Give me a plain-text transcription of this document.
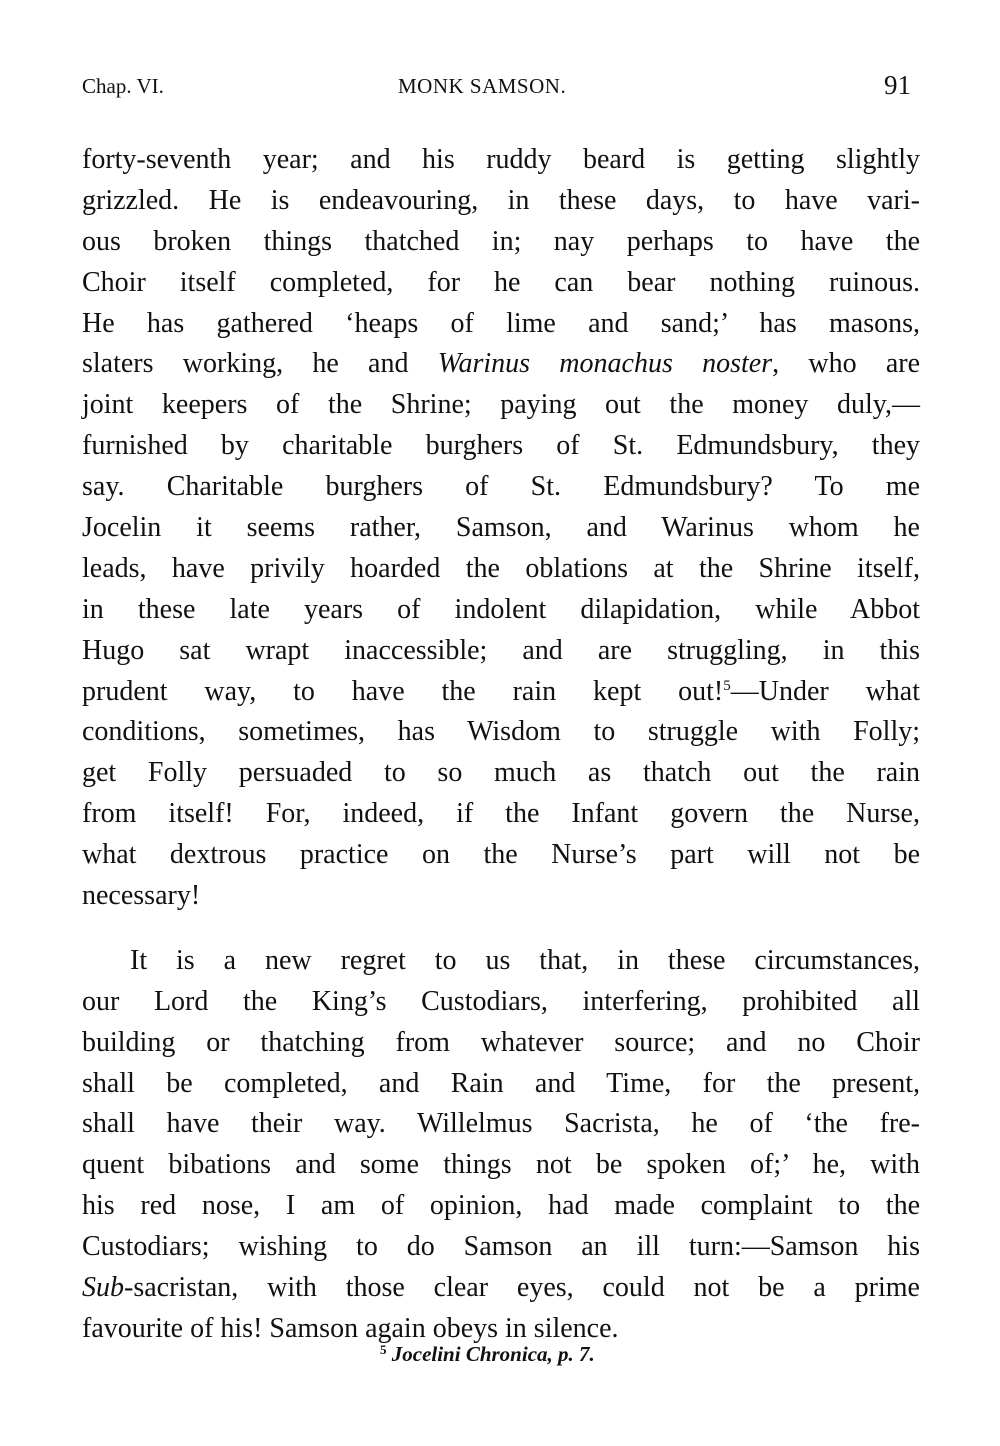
Chap. VI.	MONK SAMSON.	91
forty-seventh year; and his ruddy beard is getting slightly
grizzled. He is endeavouring, in these days, to have vari-
ous broken things thatched in; nay perhaps to have the
Choir itself completed, for he can bear nothing ruinous.
He has gathered ‘heaps of lime and sand;’ has masons,
slaters working, he and Warinus monachus noster, who are
joint keepers of the Shrine; paying out the money duly,—
furnished by charitable burghers of St. Edmundsbury, they
say. Charitable burghers of St. Edmundsbury? To me
Jocelin it seems rather, Samson, and Warinus whom he
leads, have privily hoarded the oblations at the Shrine itself,
in these late years of indolent dilapidation, while Abbot
Hugo sat wrapt inaccessible; and are struggling, in this
prudent way, to have the rain kept out!$^5$—Under what
conditions, sometimes, has Wisdom to struggle with Folly;
get Folly persuaded to so much as thatch out the rain
from itself! For, indeed, if the Infant govern the Nurse,
what dextrous practice on the Nurse’s part will not be
necessary!
It is a new regret to us that, in these circumstances,
our Lord the King’s Custodiars, interfering, prohibited all
building or thatching from whatever source; and no Choir
shall be completed, and Rain and Time, for the present,
shall have their way. Willelmus Sacrista, he of ‘the fre-
quent bibations and some things not be spoken of;’ he, with
his red nose, I am of opinion, had made complaint to the
Custodiars; wishing to do Samson an ill turn:—Samson his
Sub-sacristan, with those clear eyes, could not be a prime
favourite of his! Samson again obeys in silence.
$^5$ Jocelini Chronica, p. 7.
